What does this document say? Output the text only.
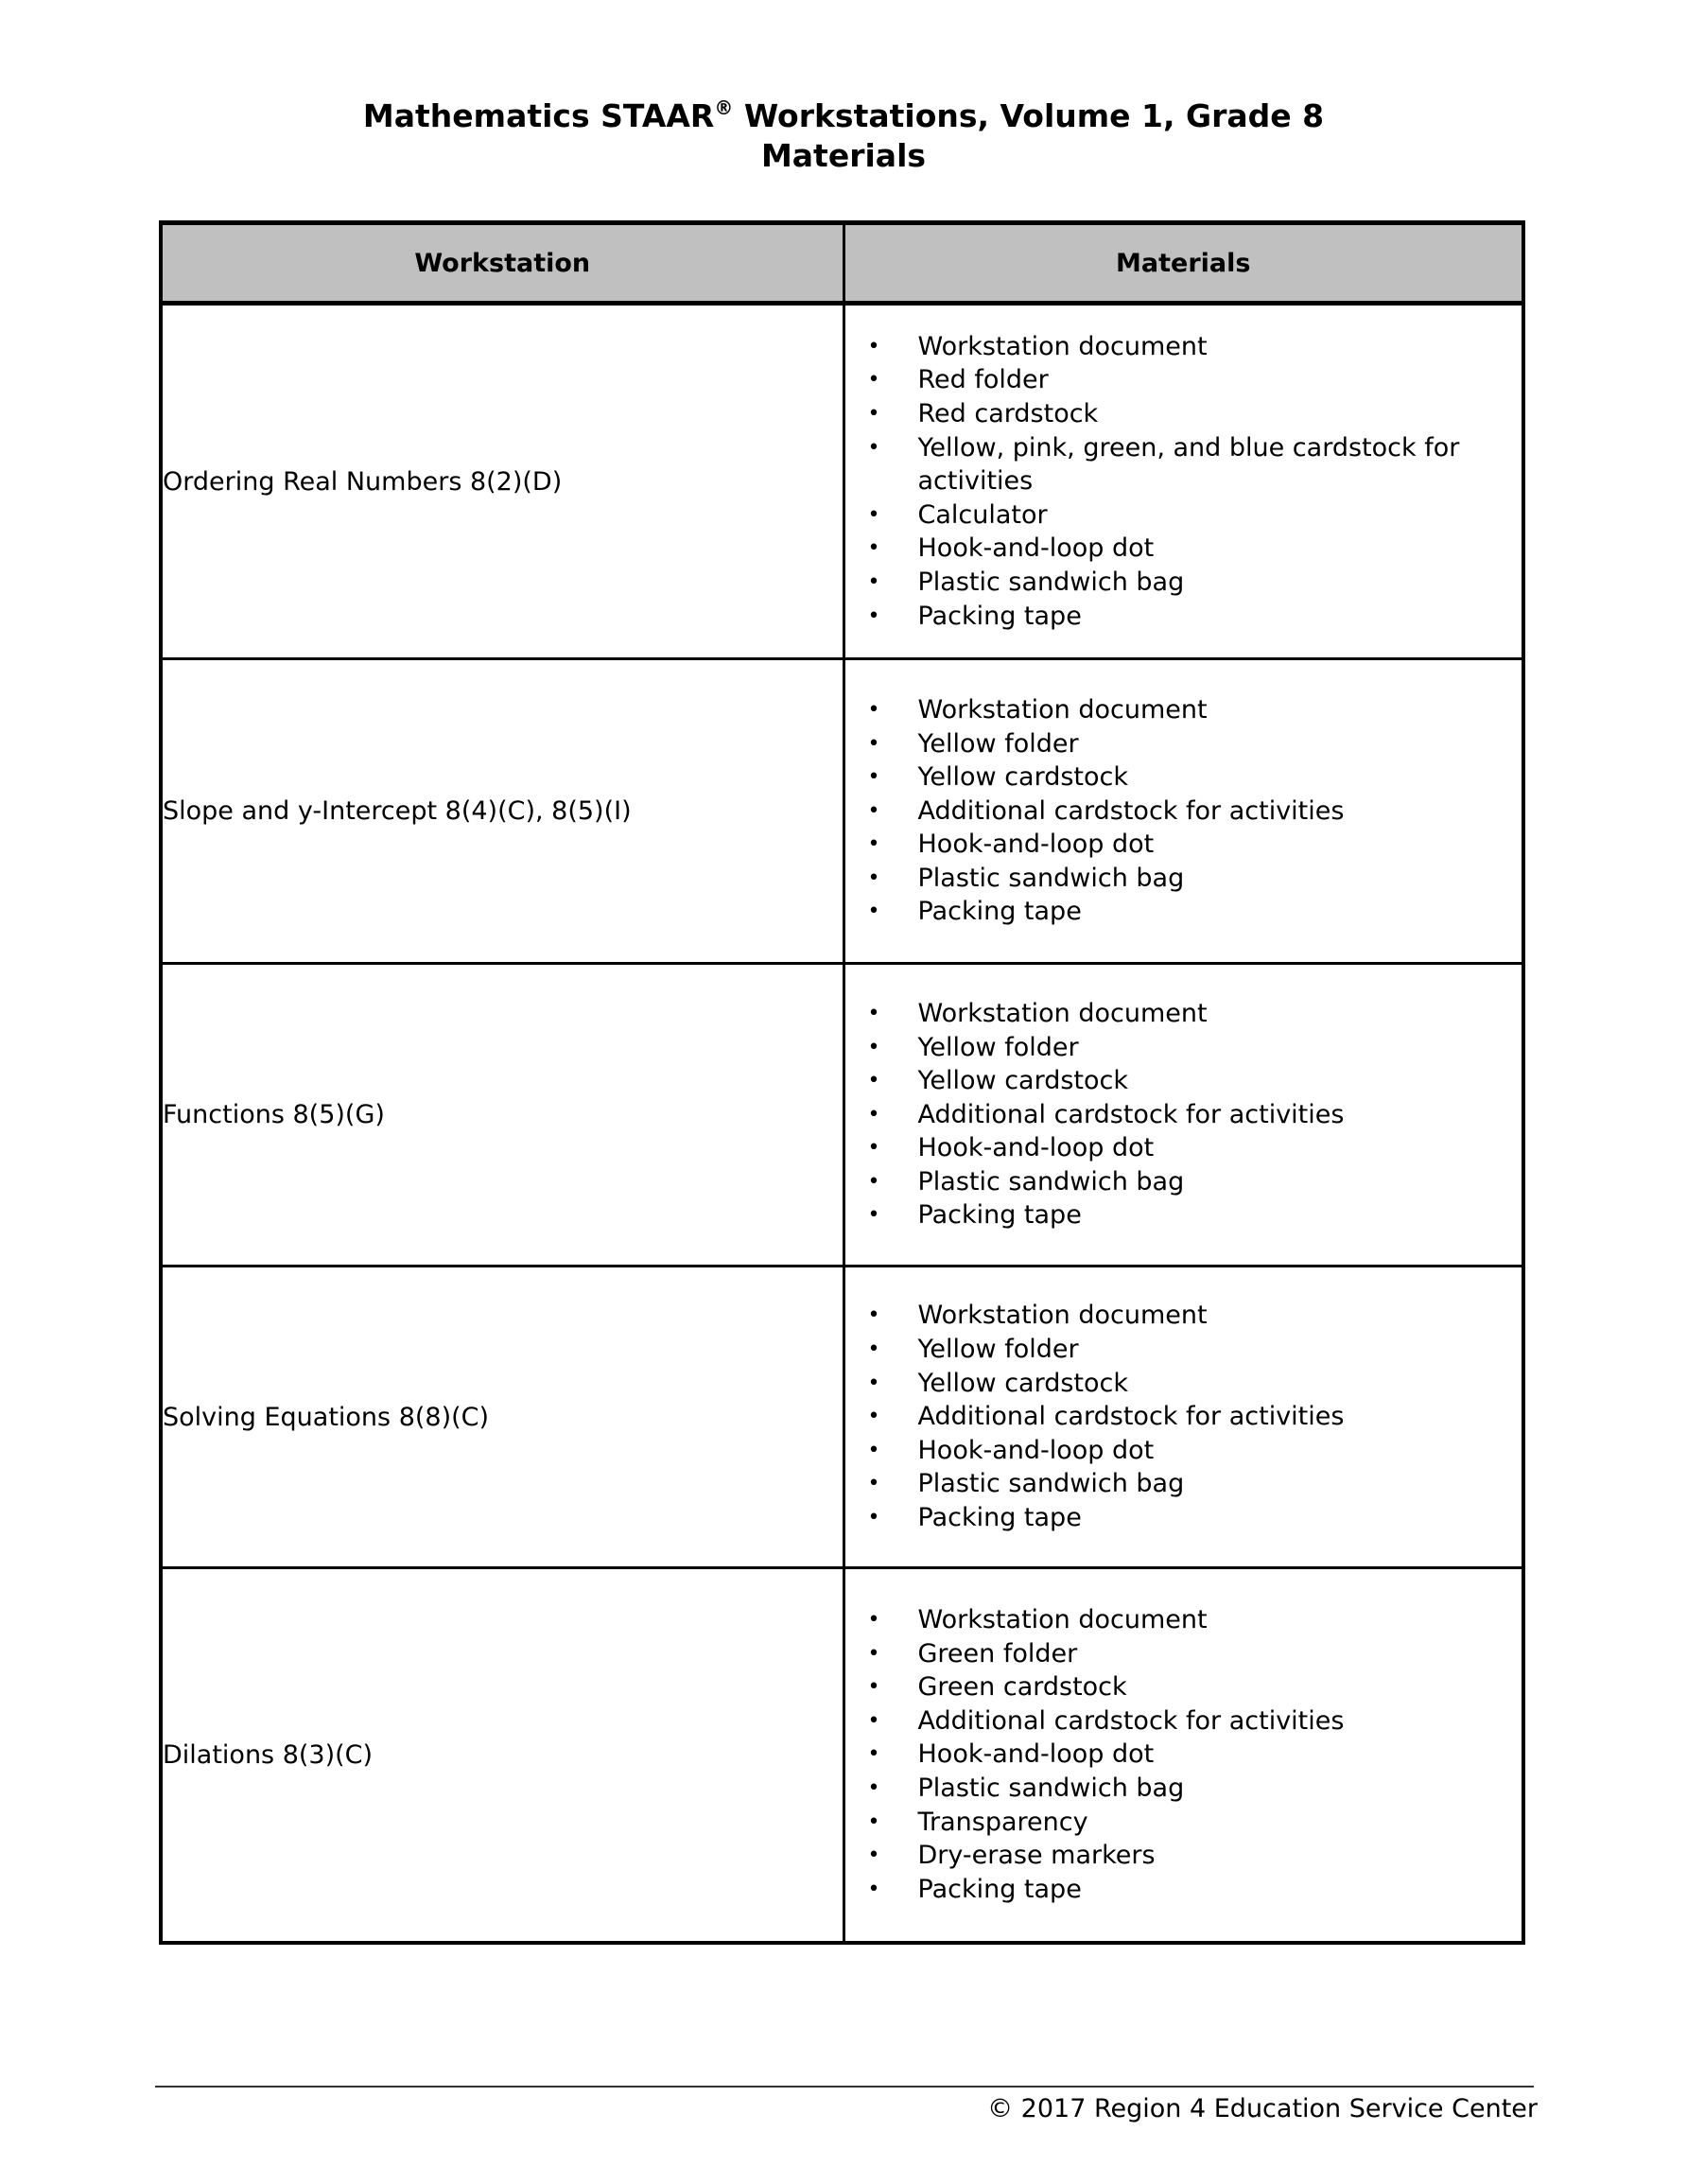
Mathematics STAAR® Workstations, Volume 1, Grade 8
Materials
Workstation	Materials
Ordering Real Numbers 8(2)(D)	
• Workstation document
• Red folder
• Red cardstock
• Yellow, pink, green, and blue cardstock for activities
• Calculator
• Hook-and-loop dot
• Plastic sandwich bag
• Packing tape

Slope and y-Intercept 8(4)(C), 8(5)(I)	
• Workstation document
• Yellow folder
• Yellow cardstock
• Additional cardstock for activities
• Hook-and-loop dot
• Plastic sandwich bag
• Packing tape

Functions 8(5)(G)	
• Workstation document
• Yellow folder
• Yellow cardstock
• Additional cardstock for activities
• Hook-and-loop dot
• Plastic sandwich bag
• Packing tape

Solving Equations 8(8)(C)	
• Workstation document
• Yellow folder
• Yellow cardstock
• Additional cardstock for activities
• Hook-and-loop dot
• Plastic sandwich bag
• Packing tape

Dilations 8(3)(C)	
• Workstation document
• Green folder
• Green cardstock
• Additional cardstock for activities
• Hook-and-loop dot
• Plastic sandwich bag
• Transparency
• Dry-erase markers
• Packing tape
© 2017 Region 4 Education Service Center
